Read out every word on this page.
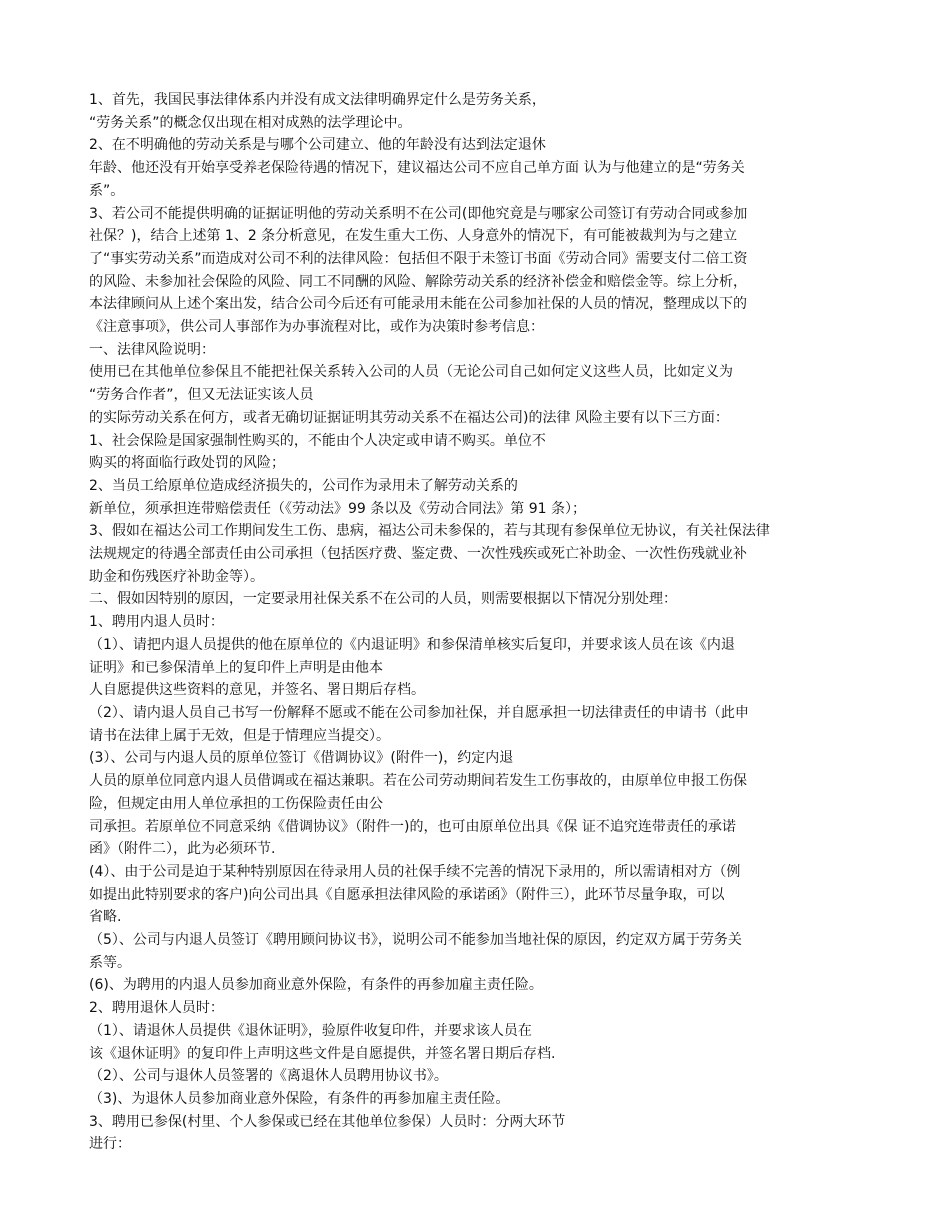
1、首先，我国民事法律体系内并没有成文法律明确界定什么是劳务关系，
“劳务关系”的概念仅出现在相对成熟的法学理论中。
2、在不明确他的劳动关系是与哪个公司建立、他的年龄没有达到法定退休
年龄、他还没有开始享受养老保险待遇的情况下，建议福达公司不应自己单方面 认为与他建立的是“劳务关
系”。
3、若公司不能提供明确的证据证明他的劳动关系明不在公司(即他究竟是与哪家公司签订有劳动合同或参加
社保？)，结合上述第 1、2 条分析意见，在发生重大工伤、人身意外的情况下，有可能被裁判为与之建立
了“事实劳动关系”而造成对公司不利的法律风险：包括但不限于未签订书面《劳动合同》需要支付二倍工资
的风险、未参加社会保险的风险、同工不同酬的风险、解除劳动关系的经济补偿金和赔偿金等。综上分析，
本法律顾问从上述个案出发，结合公司今后还有可能录用未能在公司参加社保的人员的情况，整理成以下的
《注意事项》，供公司人事部作为办事流程对比，或作为决策时参考信息：
一、法律风险说明：
使用已在其他单位参保且不能把社保关系转入公司的人员（无论公司自己如何定义这些人员，比如定义为
“劳务合作者”，但又无法证实该人员
的实际劳动关系在何方，或者无确切证据证明其劳动关系不在福达公司)的法律 风险主要有以下三方面：
1、社会保险是国家强制性购买的，不能由个人决定或申请不购买。单位不
购买的将面临行政处罚的风险；
2、当员工给原单位造成经济损失的，公司作为录用未了解劳动关系的
新单位，须承担连带赔偿责任（《劳动法》99 条以及《劳动合同法》第 91 条）；
3、假如在福达公司工作期间发生工伤、患病，福达公司未参保的，若与其现有参保单位无协议，有关社保法律
法规规定的待遇全部责任由公司承担（包括医疗费、鉴定费、一次性残疾或死亡补助金、一次性伤残就业补
助金和伤残医疗补助金等）。
二、假如因特别的原因，一定要录用社保关系不在公司的人员，则需要根据以下情况分别处理：
1、聘用内退人员时：
（1）、请把内退人员提供的他在原单位的《内退证明》和参保清单核实后复印，并要求该人员在该《内退
证明》和已参保清单上的复印件上声明是由他本
人自愿提供这些资料的意见，并签名、署日期后存档。
（2）、请内退人员自己书写一份解释不愿或不能在公司参加社保，并自愿承担一切法律责任的申请书（此申
请书在法律上属于无效，但是于情理应当提交）。
(3）、公司与内退人员的原单位签订《借调协议》(附件一)，约定内退
人员的原单位同意内退人员借调或在福达兼职。若在公司劳动期间若发生工伤事故的，由原单位申报工伤保
险，但规定由用人单位承担的工伤保险责任由公
司承担。若原单位不同意采纳《借调协议》（附件一)的，也可由原单位出具《保 证不追究连带责任的承诺
函》（附件二），此为必须环节.
(4）、由于公司是迫于某种特别原因在待录用人员的社保手续不完善的情况下录用的，所以需请相对方（例
如提出此特别要求的客户)向公司出具《自愿承担法律风险的承诺函》（附件三），此环节尽量争取，可以
省略.
（5）、公司与内退人员签订《聘用顾问协议书》，说明公司不能参加当地社保的原因，约定双方属于劳务关
系等。
(6)、为聘用的内退人员参加商业意外保险，有条件的再参加雇主责任险。
2、聘用退休人员时：
（1）、请退休人员提供《退休证明》，验原件收复印件，并要求该人员在
该《退休证明》的复印件上声明这些文件是自愿提供，并签名署日期后存档.
（2）、公司与退休人员签署的《离退休人员聘用协议书》。
（3)、为退休人员参加商业意外保险，有条件的再参加雇主责任险。
3、聘用已参保(村里、个人参保或已经在其他单位参保）人员时：分两大环节
进行：
